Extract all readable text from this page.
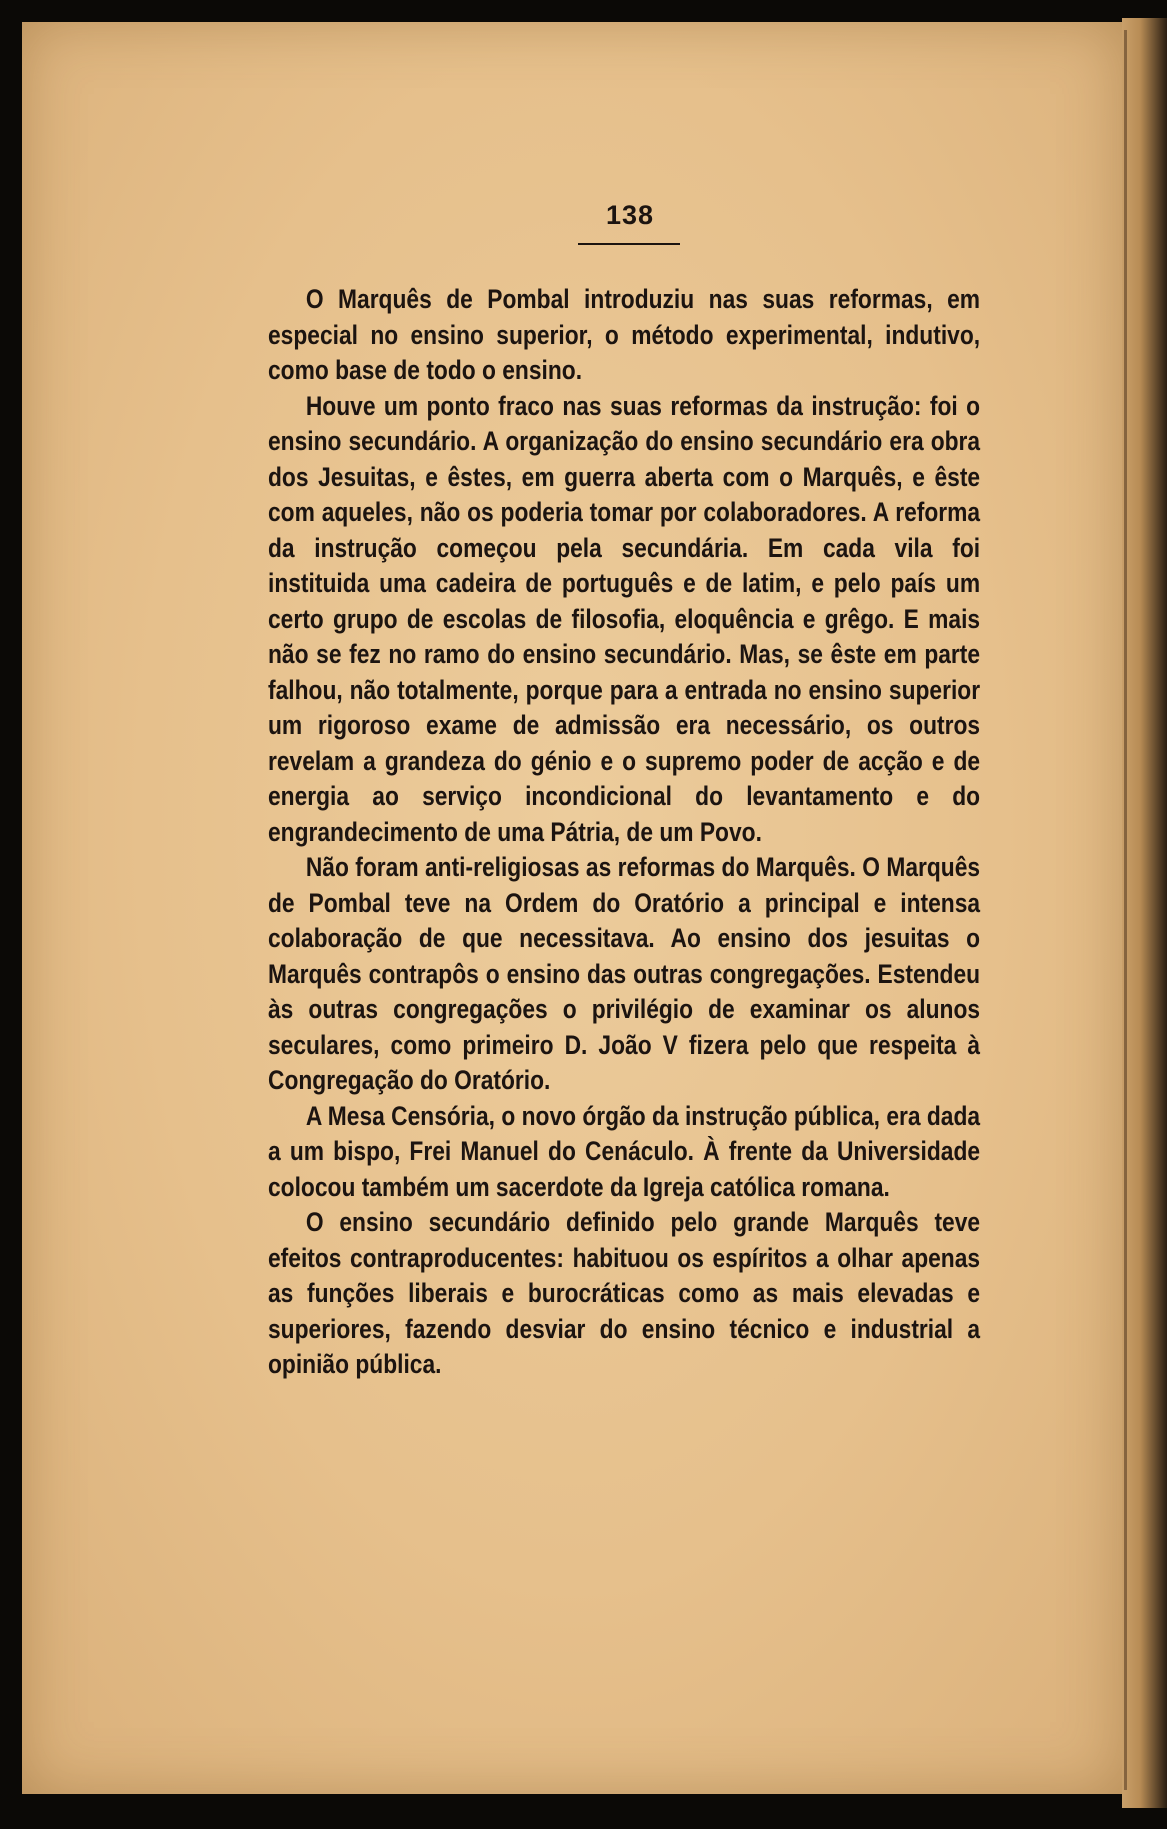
138

O Marquês de Pombal introduziu nas suas reformas, em especial no ensino superior, o método experimental, indutivo, como base de todo o ensino.

Houve um ponto fraco nas suas reformas da instrução: foi o ensino secundário. A organização do ensino secundário era obra dos Jesuitas, e êstes, em guerra aberta com o Marquês, e êste com aqueles, não os poderia tomar por colaboradores. A reforma da instrução começou pela secundária. Em cada vila foi instituida uma cadeira de português e de latim, e pelo país um certo grupo de escolas de filosofia, eloquência e grêgo. E mais não se fez no ramo do ensino secundário. Mas, se êste em parte falhou, não totalmente, porque para a entrada no ensino superior um rigoroso exame de admissão era necessário, os outros revelam a grandeza do génio e o supremo poder de acção e de energia ao serviço incondicional do levantamento e do engrandecimento de uma Pátria, de um Povo.

Não foram anti-religiosas as reformas do Marquês. O Marquês de Pombal teve na Ordem do Oratório a principal e intensa colaboração de que necessitava. Ao ensino dos jesuitas o Marquês contrapôs o ensino das outras congregações. Estendeu às outras congregações o privilégio de examinar os alunos seculares, como primeiro D. João V fizera pelo que respeita à Congregação do Oratório.

A Mesa Censória, o novo órgão da instrução pública, era dada a um bispo, Frei Manuel do Cenáculo. À frente da Universidade colocou também um sacerdote da Igreja católica romana.

O ensino secundário definido pelo grande Marquês teve efeitos contraproducentes: habituou os espíritos a olhar apenas as funções liberais e burocráticas como as mais elevadas e superiores, fazendo desviar do ensino técnico e industrial a opinião pública.
